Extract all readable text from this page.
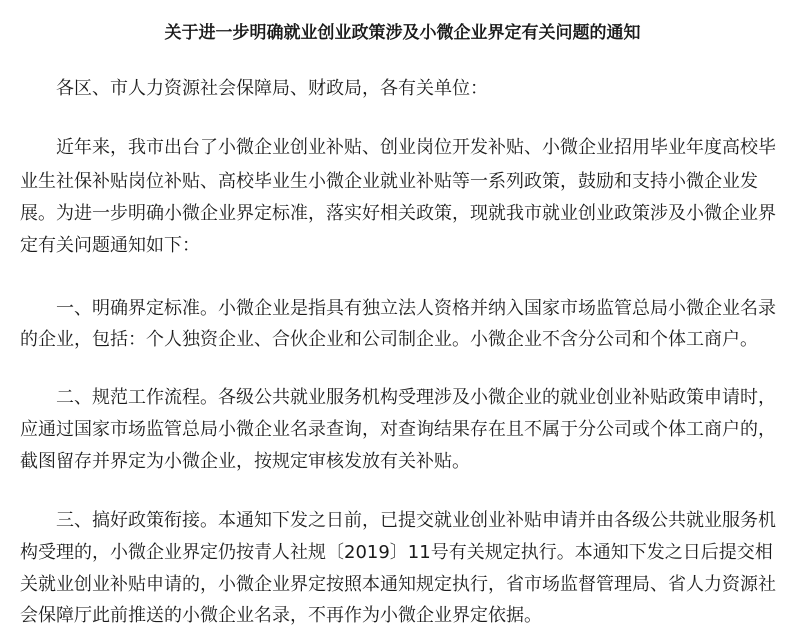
关于进一步明确就业创业政策涉及小微企业界定有关问题的通知
各区、市人力资源社会保障局、财政局，各有关单位：
近年来，我市出台了小微企业创业补贴、创业岗位开发补贴、小微企业招用毕业年度高校毕
业生社保补贴岗位补贴、高校毕业生小微企业就业补贴等一系列政策，鼓励和支持小微企业发
展。为进一步明确小微企业界定标准，落实好相关政策，现就我市就业创业政策涉及小微企业界
定有关问题通知如下：
一、明确界定标准。小微企业是指具有独立法人资格并纳入国家市场监管总局小微企业名录
的企业，包括：个人独资企业、合伙企业和公司制企业。小微企业不含分公司和个体工商户。
二、规范工作流程。各级公共就业服务机构受理涉及小微企业的就业创业补贴政策申请时，
应通过国家市场监管总局小微企业名录查询，对查询结果存在且不属于分公司或个体工商户的，
截图留存并界定为小微企业，按规定审核发放有关补贴。
三、搞好政策衔接。本通知下发之日前，已提交就业创业补贴申请并由各级公共就业服务机
构受理的，小微企业界定仍按青人社规〔2019〕11号有关规定执行。本通知下发之日后提交相
关就业创业补贴申请的，小微企业界定按照本通知规定执行，省市场监督管理局、省人力资源社
会保障厅此前推送的小微企业名录，不再作为小微企业界定依据。
